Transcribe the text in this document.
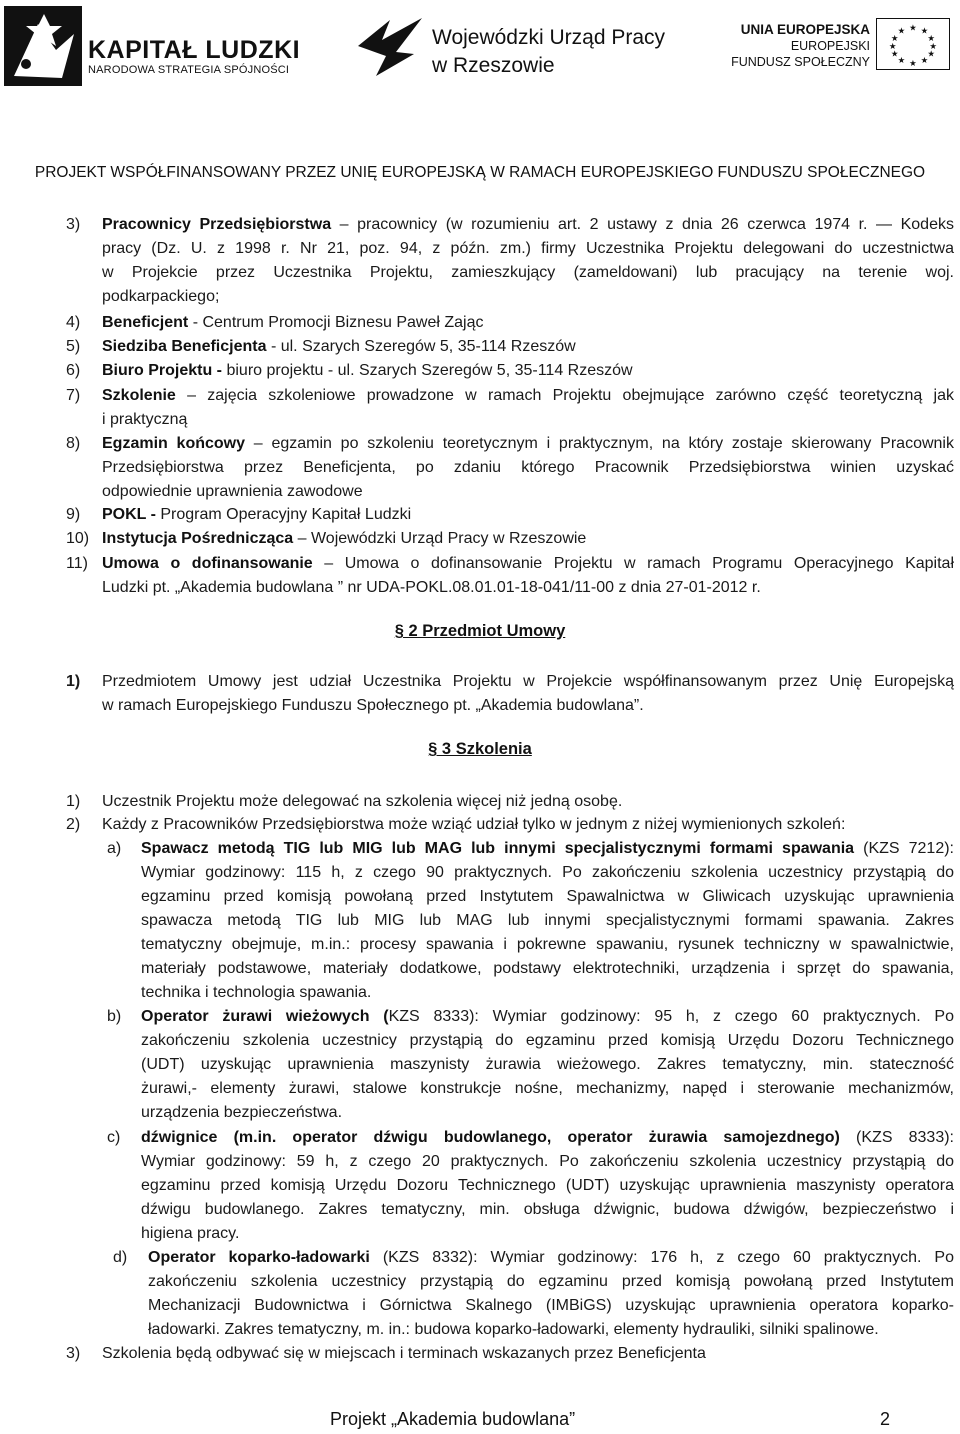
KAPITAŁ LUDZKI
NARODOWA STRATEGIA SPÓJNOŚCI
Wojewódzki Urząd Pracy
w Rzeszowie
UNIA EUROPEJSKA
EUROPEJSKI
FUNDUSZ SPOŁECZNY
★ ★
★
★
★
★
★
★
★
★
★
★
PROJEKT WSPÓŁFINANSOWANY PRZEZ UNIĘ EUROPEJSKĄ W RAMACH EUROPEJSKIEGO FUNDUSZU SPOŁECZNEGO
3) Pracownicy Przedsiębiorstwa – pracownicy (w rozumieniu art. 2 ustawy z dnia 26 czerwca 1974 r. — Kodeks
pracy (Dz. U. z 1998 r. Nr 21, poz. 94, z późn. zm.) firmy Uczestnika Projektu delegowani do uczestnictwa
w Projekcie przez Uczestnika Projektu, zamieszkujący (zameldowani) lub pracujący na terenie woj.
podkarpackiego;
4) Beneficjent - Centrum Promocji Biznesu Paweł Zając
5) Siedziba Beneficjenta - ul. Szarych Szeregów 5, 35-114 Rzeszów
6) Biuro Projektu - biuro projektu - ul. Szarych Szeregów 5, 35-114 Rzeszów
7) Szkolenie – zajęcia szkoleniowe prowadzone w ramach Projektu obejmujące zarówno część teoretyczną jak
i praktyczną
8) Egzamin końcowy – egzamin po szkoleniu teoretycznym i praktycznym, na który zostaje skierowany Pracownik
Przedsiębiorstwa przez Beneficjenta, po zdaniu którego Pracownik Przedsiębiorstwa winien uzyskać
odpowiednie uprawnienia zawodowe
9) POKL - Program Operacyjny Kapitał Ludzki
10) Instytucja Pośrednicząca – Wojewódzki Urząd Pracy w Rzeszowie
11) Umowa o dofinansowanie – Umowa o dofinansowanie Projektu w ramach Programu Operacyjnego Kapitał
Ludzki pt. „Akademia budowlana ” nr UDA-POKL.08.01.01-18-041/11-00 z dnia 27-01-2012 r.
§ 2 Przedmiot Umowy
1) Przedmiotem Umowy jest udział Uczestnika Projektu w Projekcie współfinansowanym przez Unię Europejską
w ramach Europejskiego Funduszu Społecznego pt. „Akademia budowlana”.
§ 3 Szkolenia
1) Uczestnik Projektu może delegować na szkolenia więcej niż jedną osobę.
2) Każdy z Pracowników Przedsiębiorstwa może wziąć udział tylko w jednym z niżej wymienionych szkoleń:
a) Spawacz metodą TIG lub MIG lub MAG lub innymi specjalistycznymi formami spawania (KZS 7212):
Wymiar godzinowy: 115 h, z czego 90 praktycznych. Po zakończeniu szkolenia uczestnicy przystąpią do
egzaminu przed komisją powołaną przed Instytutem Spawalnictwa w Gliwicach uzyskując uprawnienia
spawacza metodą TIG lub MIG lub MAG lub innymi specjalistycznymi formami spawania. Zakres
tematyczny obejmuje, m.in.: procesy spawania i pokrewne spawaniu, rysunek techniczny w spawalnictwie,
materiały podstawowe, materiały dodatkowe, podstawy elektrotechniki, urządzenia i sprzęt do spawania,
technika i technologia spawania.
b) Operator żurawi wieżowych (KZS 8333): Wymiar godzinowy: 95 h, z czego 60 praktycznych. Po
zakończeniu szkolenia uczestnicy przystąpią do egzaminu przed komisją Urzędu Dozoru Technicznego
(UDT) uzyskując uprawnienia maszynisty żurawia wieżowego. Zakres tematyczny, min. stateczność
żurawi,- elementy żurawi, stalowe konstrukcje nośne, mechanizmy, napęd i sterowanie mechanizmów,
urządzenia bezpieczeństwa.
c) dźwignice (m.in. operator dźwigu budowlanego, operator żurawia samojezdnego) (KZS 8333):
Wymiar godzinowy: 59 h, z czego 20 praktycznych. Po zakończeniu szkolenia uczestnicy przystąpią do
egzaminu przed komisją Urzędu Dozoru Technicznego (UDT) uzyskując uprawnienia maszynisty operatora
dźwigu budowlanego. Zakres tematyczny, min. obsługa dźwignic, budowa dźwigów, bezpieczeństwo i
higiena pracy.
d) Operator koparko-ładowarki (KZS 8332): Wymiar godzinowy: 176 h, z czego 60 praktycznych. Po
zakończeniu szkolenia uczestnicy przystąpią do egzaminu przed komisją powołaną przed Instytutem
Mechanizacji Budownictwa i Górnictwa Skalnego (IMBiGS) uzyskując uprawnienia operatora koparko-
ładowarki. Zakres tematyczny, m. in.: budowa koparko-ładowarki, elementy hydrauliki, silniki spalinowe.
3) Szkolenia będą odbywać się w miejscach i terminach wskazanych przez Beneficjenta
Projekt „Akademia budowlana”	2
